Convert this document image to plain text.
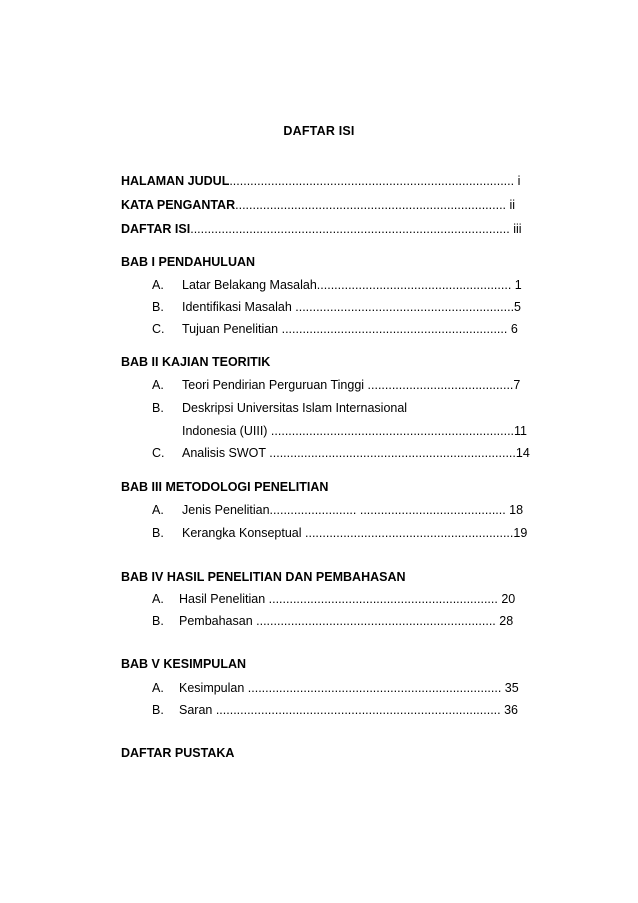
DAFTAR ISI
HALAMAN JUDUL.................................................................................. i
KATA PENGANTAR.............................................................................. ii
DAFTAR ISI............................................................................................ iii
BAB I PENDAHULUAN
A. Latar Belakang Masalah........................................................ 1
B. Identifikasi Masalah ...............................................................5
C. Tujuan Penelitian ................................................................. 6
BAB II KAJIAN TEORITIK
A. Teori Pendirian Perguruan Tinggi ..........................................7
B. Deskripsi Universitas Islam Internasional
Indonesia (UIII) ......................................................................11
C. Analisis SWOT .......................................................................14
BAB III METODOLOGI PENELITIAN
A. Jenis Penelitian......................... .......................................... 18
B. Kerangka Konseptual ............................................................19
BAB IV HASIL PENELITIAN DAN PEMBAHASAN
A. Hasil Penelitian .................................................................. 20
B. Pembahasan ..................................................................... 28
BAB V KESIMPULAN
A. Kesimpulan ......................................................................... 35
B. Saran .................................................................................. 36
DAFTAR PUSTAKA
